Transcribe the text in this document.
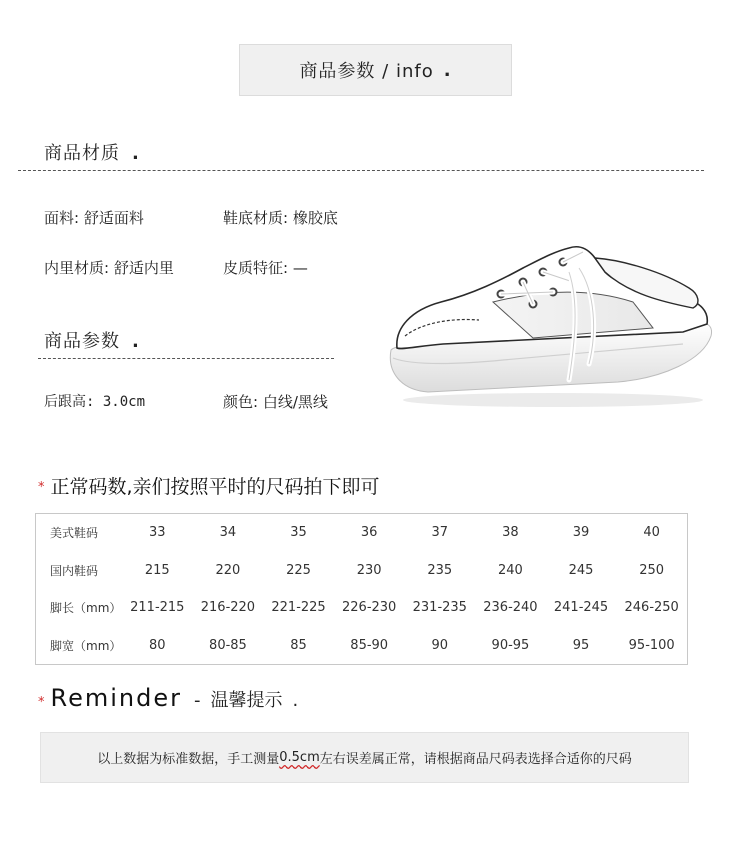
商品参数 / info .
商品材质 .
面料: 舒适面料	鞋底材质: 橡胶底
内里材质: 舒适内里	皮质特征: —
商品参数 .
后跟高: 3.0cm	颜色: 白线/黑线
* 正常码数,亲们按照平时的尺码拍下即可
美式鞋码	33	34	35	36	37	38	39	40
国内鞋码	215	220	225	230	235	240	245	250
脚长（mm）	211-215	216-220	221-225	226-230	231-235	236-240	241-245	246-250
脚宽（mm）	80	80-85	85	85-90	90	90-95	95	95-100
* Reminder - 温馨提示 .
以上数据为标准数据，手工测量 0.5cm 左右误差属正常，请根据商品尺码表选择合适你的尺码
